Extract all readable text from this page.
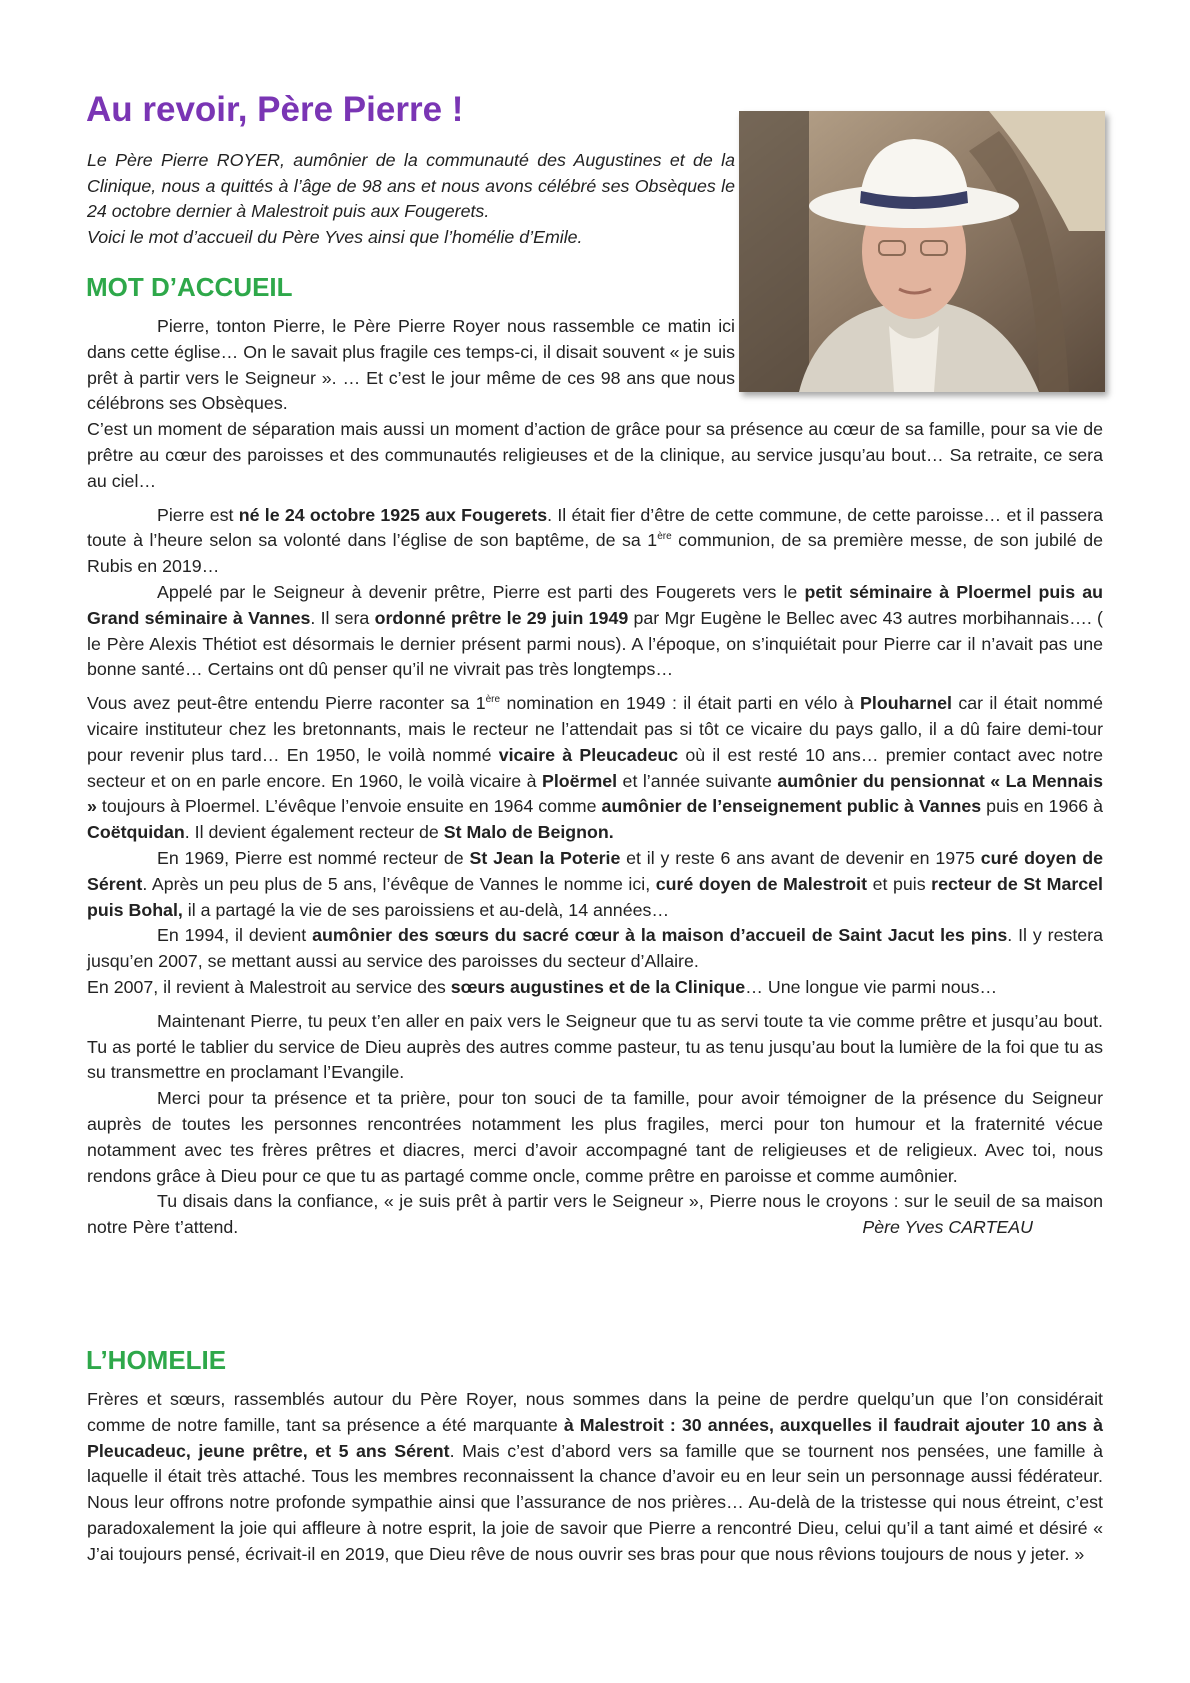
Au revoir, Père Pierre !
Le Père Pierre ROYER, aumônier de la communauté des Augustines et de la Clinique, nous a quittés à l’âge de 98 ans et nous avons célébré ses Obsèques le 24 octobre dernier à Malestroit puis aux Fougerets.
Voici le mot d’accueil du Père Yves ainsi que l’homélie d’Emile.
MOT D’ACCUEIL

Pierre, tonton Pierre, le Père Pierre Royer nous rassemble ce matin ici dans cette église… On le savait plus fragile ces temps-ci, il disait souvent « je suis prêt à partir vers le Seigneur ». … Et c’est le jour même de ces 98 ans que nous célébrons ses Obsèques.

C’est un moment de séparation mais aussi un moment d’action de grâce pour sa présence au cœur de sa famille, pour sa vie de prêtre au cœur des paroisses et des communautés religieuses et de la clinique, au service jusqu’au bout… Sa retraite, ce sera au ciel…

Pierre est né le 24 octobre 1925 aux Fougerets. Il était fier d’être de cette commune, de cette paroisse… et il passera toute à l’heure selon sa volonté dans l’église de son baptême, de sa 1ère communion, de sa première messe, de son jubilé de Rubis en 2019…

Appelé par le Seigneur à devenir prêtre, Pierre est parti des Fougerets vers le petit séminaire à Ploermel puis au Grand séminaire à Vannes. Il sera ordonné prêtre le 29 juin 1949 par Mgr Eugène le Bellec avec 43 autres morbihannais…. ( le Père Alexis Thétiot est désormais le dernier présent parmi nous). A l’époque, on s’inquiétait pour Pierre car il n’avait pas une bonne santé… Certains ont dû penser qu’il ne vivrait pas très longtemps…

Vous avez peut-être entendu Pierre raconter sa 1ère nomination en 1949 : il était parti en vélo à Plouharnel car il était nommé vicaire instituteur chez les bretonnants, mais le recteur ne l’attendait pas si tôt ce vicaire du pays gallo, il a dû faire demi-tour pour revenir plus tard… En 1950, le voilà nommé vicaire à Pleucadeuc où il est resté 10 ans… premier contact avec notre secteur et on en parle encore. En 1960, le voilà vicaire à Ploërmel et l’année suivante aumônier du pensionnat « La Mennais » toujours à Ploermel. L’évêque l’envoie ensuite en 1964 comme aumônier de l’enseignement public à Vannes puis en 1966 à Coëtquidan. Il devient également recteur de St Malo de Beignon.

En 1969, Pierre est nommé recteur de St Jean la Poterie et il y reste 6 ans avant de devenir en 1975 curé doyen de Sérent. Après un peu plus de 5 ans, l’évêque de Vannes le nomme ici, curé doyen de Malestroit et puis recteur de St Marcel puis Bohal, il a partagé la vie de ses paroissiens et au-delà, 14 années…

En 1994, il devient aumônier des sœurs du sacré cœur à la maison d’accueil de Saint Jacut les pins. Il y restera jusqu’en 2007, se mettant aussi au service des paroisses du secteur d’Allaire.

En 2007, il revient à Malestroit au service des sœurs augustines et de la Clinique… Une longue vie parmi nous…

Maintenant Pierre, tu peux t’en aller en paix vers le Seigneur que tu as servi toute ta vie comme prêtre et jusqu’au bout. Tu as porté le tablier du service de Dieu auprès des autres comme pasteur, tu as tenu jusqu’au bout la lumière de la foi que tu as su transmettre en proclamant l’Evangile.

Merci pour ta présence et ta prière, pour ton souci de ta famille, pour avoir témoigner de la présence du Seigneur auprès de toutes les personnes rencontrées notamment les plus fragiles, merci pour ton humour et la fraternité vécue notamment avec tes frères prêtres et diacres, merci d’avoir accompagné tant de religieuses et de religieux. Avec toi, nous rendons grâce à Dieu pour ce que tu as partagé comme oncle, comme prêtre en paroisse et comme aumônier.

Tu disais dans la confiance, « je suis prêt à partir vers le Seigneur », Pierre nous le croyons : sur le seuil de sa maison notre Père t’attend.	Père Yves CARTEAU

L’HOMELIE

Frères et sœurs, rassemblés autour du Père Royer, nous sommes dans la peine de perdre quelqu’un que l’on considérait comme de notre famille, tant sa présence a été marquante à Malestroit : 30 années, auxquelles il faudrait ajouter 10 ans à Pleucadeuc, jeune prêtre, et 5 ans Sérent. Mais c’est d’abord vers sa famille que se tournent nos pensées, une famille à laquelle il était très attaché. Tous les membres reconnaissent la chance d’avoir eu en leur sein un personnage aussi fédérateur. Nous leur offrons notre profonde sympathie ainsi que l’assurance de nos prières… Au-delà de la tristesse qui nous étreint, c’est paradoxalement la joie qui affleure à notre esprit, la joie de savoir que Pierre a rencontré Dieu, celui qu’il a tant aimé et désiré « J’ai toujours pensé, écrivait-il en 2019, que Dieu rêve de nous ouvrir ses bras pour que nous rêvions toujours de nous y jeter. »
